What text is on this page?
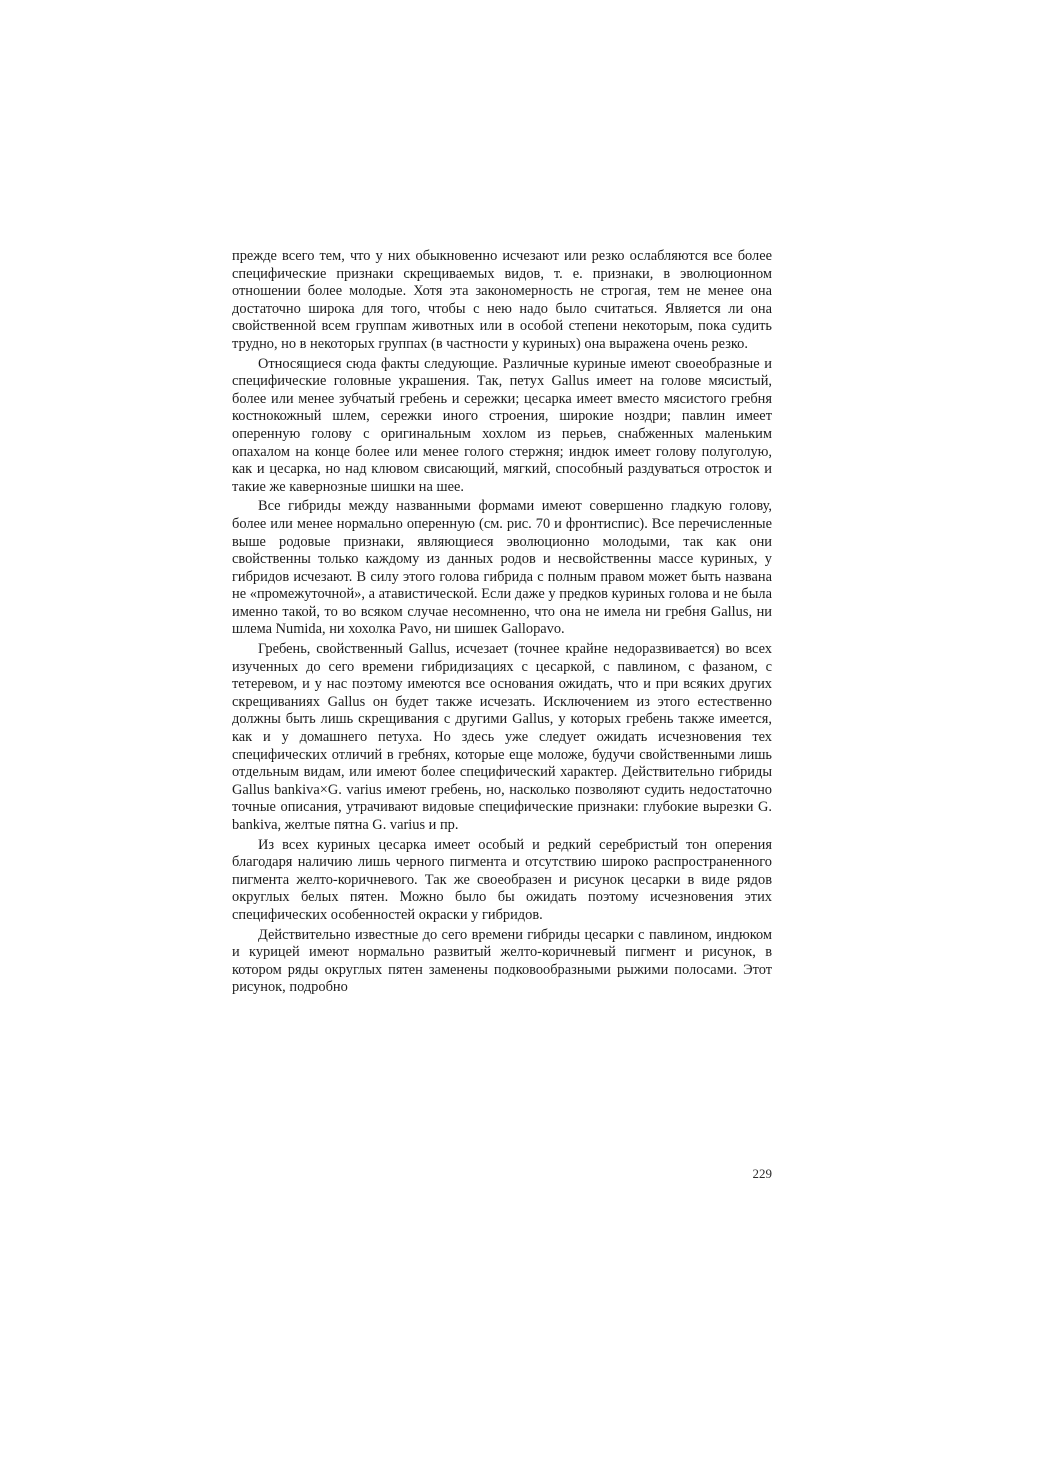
прежде всего тем, что у них обыкновенно исчезают или резко ослабляются все более специфические признаки скрещиваемых видов, т. е. признаки, в эволюционном отношении более молодые. Хотя эта закономерность не строгая, тем не менее она достаточно широка для того, чтобы с нею надо было считаться. Является ли она свойственной всем группам животных или в особой степени некоторым, пока судить трудно, но в некоторых группах (в частности у куриных) она выражена очень резко.

Относящиеся сюда факты следующие. Различные куриные имеют своеобразные и специфические головные украшения. Так, петух Gallus имеет на голове мясистый, более или менее зубчатый гребень и сережки; цесарка имеет вместо мясистого гребня костнокожный шлем, сережки иного строения, широкие ноздри; павлин имеет оперенную голову с оригинальным хохлом из перьев, снабженных маленьким опахалом на конце более или менее голого стержня; индюк имеет голову полуголую, как и цесарка, но над клювом свисающий, мягкий, способный раздуваться отросток и такие же кавернозные шишки на шее.

Все гибриды между названными формами имеют совершенно гладкую голову, более или менее нормально оперенную (см. рис. 70 и фронтиспис). Все перечисленные выше родовые признаки, являющиеся эволюционно молодыми, так как они свойственны только каждому из данных родов и несвойственны массе куриных, у гибридов исчезают. В силу этого голова гибрида с полным правом может быть названа не «промежуточной», а атавистической. Если даже у предков куриных голова и не была именно такой, то во всяком случае несомненно, что она не имела ни гребня Gallus, ни шлема Numida, ни хохолка Pavo, ни шишек Gallopavo.

Гребень, свойственный Gallus, исчезает (точнее крайне недоразвивается) во всех изученных до сего времени гибридизациях с цесаркой, с павлином, с фазаном, с тетеревом, и у нас поэтому имеются все основания ожидать, что и при всяких других скрещиваниях Gallus он будет также исчезать. Исключением из этого естественно должны быть лишь скрещивания с другими Gallus, у которых гребень также имеется, как и у домашнего петуха. Но здесь уже следует ожидать исчезновения тех специфических отличий в гребнях, которые еще моложе, будучи свойственными лишь отдельным видам, или имеют более специфический характер. Действительно гибриды Gallus bankiva×G. varius имеют гребень, но, насколько позволяют судить недостаточно точные описания, утрачивают видовые специфические признаки: глубокие вырезки G. bankiva, желтые пятна G. varius и пр.

Из всех куриных цесарка имеет особый и редкий серебристый тон оперения благодаря наличию лишь черного пигмента и отсутствию широко распространенного пигмента желто-коричневого. Так же своеобразен и рисунок цесарки в виде рядов округлых белых пятен. Можно было бы ожидать поэтому исчезновения этих специфических особенностей окраски у гибридов.

Действительно известные до сего времени гибриды цесарки с павлином, индюком и курицей имеют нормально развитый желто-коричневый пигмент и рисунок, в котором ряды округлых пятен заменены подковообразными рыжими полосами. Этот рисунок, подробно

229
